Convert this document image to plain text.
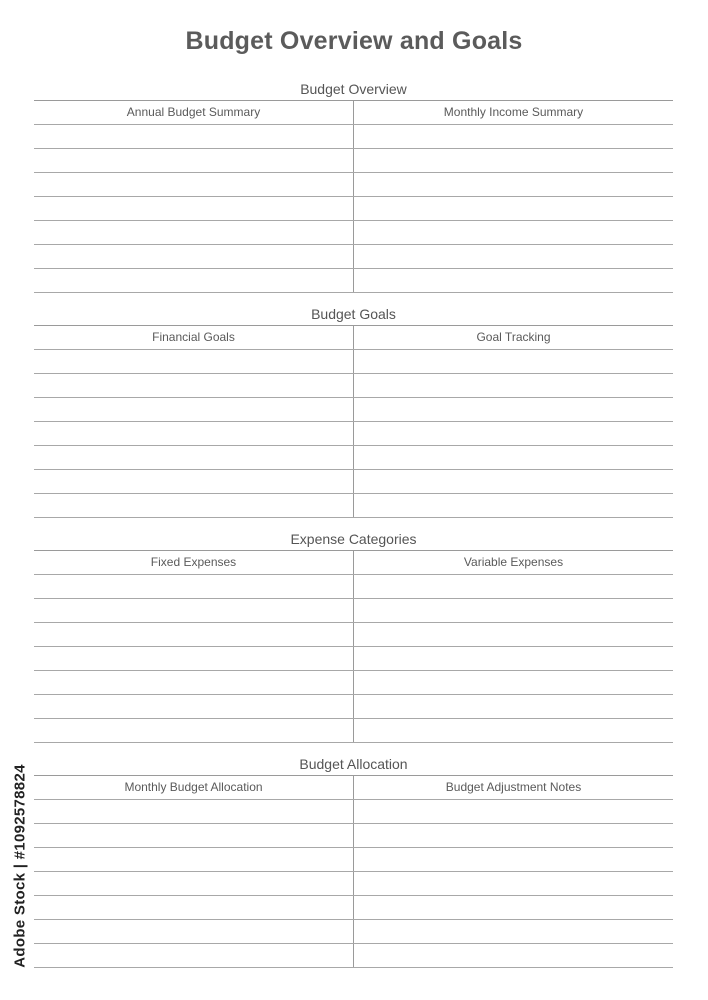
Budget Overview and Goals
Budget Overview
Annual Budget Summary	Monthly Income Summary
Budget Goals
Financial Goals	Goal Tracking
Expense Categories
Fixed Expenses	Variable Expenses
Budget Allocation
Monthly Budget Allocation	Budget Adjustment Notes
Adobe Stock | #1092578824
